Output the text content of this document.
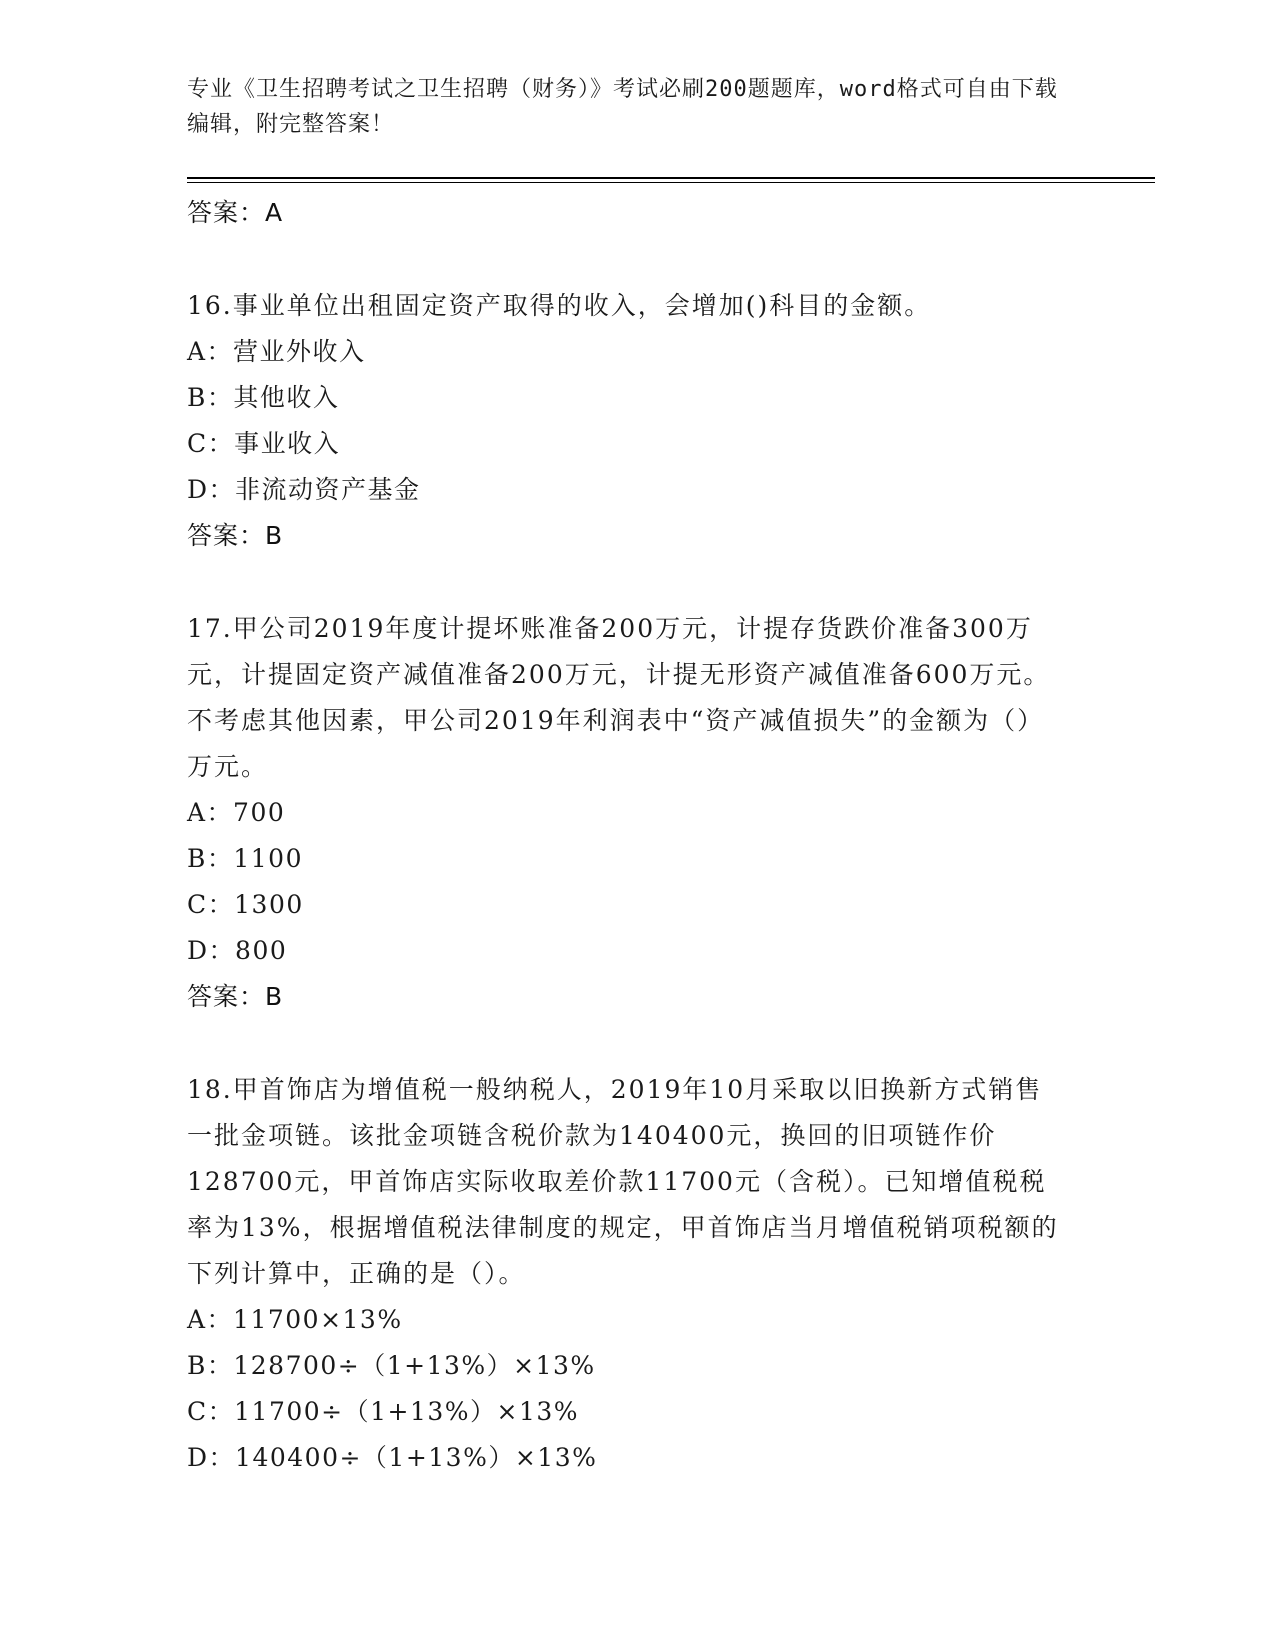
专业《卫生招聘考试之卫生招聘（财务）》考试必刷200题题库，word格式可自由下载编辑，附完整答案！

答案：A

16.事业单位出租固定资产取得的收入，会增加()科目的金额。

A：营业外收入

B：其他收入

C：事业收入

D：非流动资产基金

答案：B

17.甲公司2019年度计提坏账准备200万元，计提存货跌价准备300万元，计提固定资产减值准备200万元，计提无形资产减值准备600万元。不考虑其他因素，甲公司2019年利润表中“资产减值损失”的金额为（）万元。

A：700

B：1100

C：1300

D：800

答案：B

18.甲首饰店为增值税一般纳税人，2019年10月采取以旧换新方式销售一批金项链。该批金项链含税价款为140400元，换回的旧项链作价128700元，甲首饰店实际收取差价款11700元（含税）。已知增值税税率为13%，根据增值税法律制度的规定，甲首饰店当月增值税销项税额的下列计算中，正确的是（）。

A：11700×13%

B：128700÷（1+13%）×13%

C：11700÷（1+13%）×13%

D：140400÷（1+13%）×13%
